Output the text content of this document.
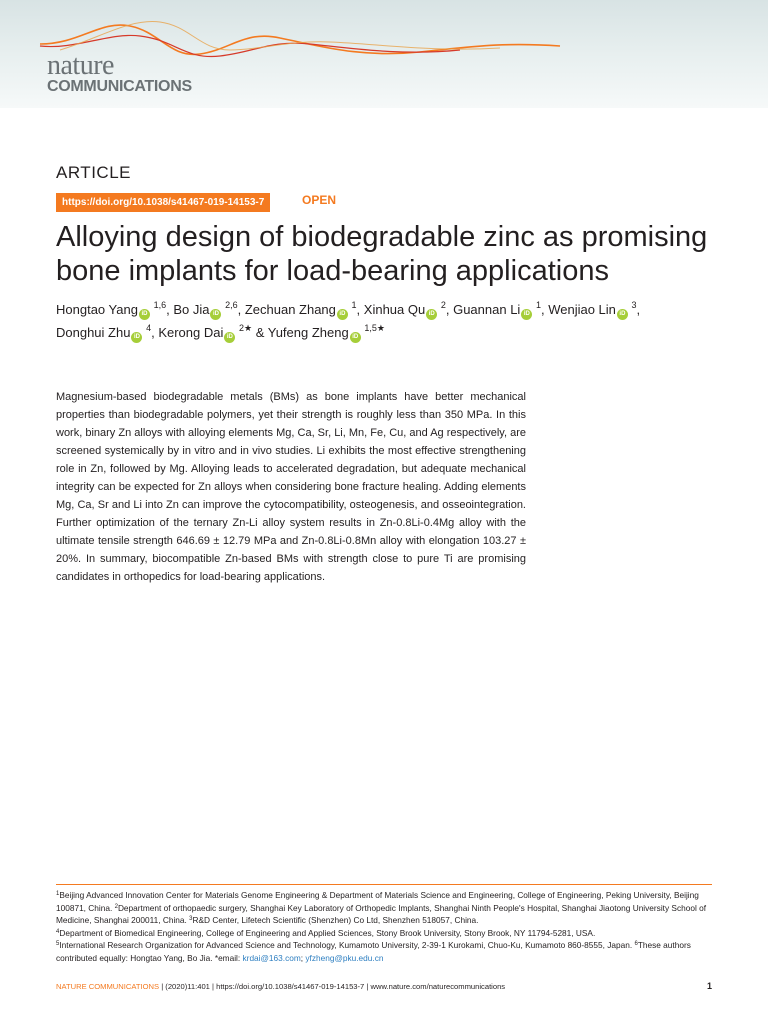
nature
COMMUNICATIONS
ARTICLE
https://doi.org/10.1038/s41467-019-14153-7	OPEN
Alloying design of biodegradable zinc as promising bone implants for load-bearing applications
Hongtao Yang iD $^{1,6}$, Bo Jia iD $^{2,6}$, Zechuan Zhang iD $^1$, Xinhua Qu iD $^2$, Guannan Li iD $^1$, Wenjiao Lin iD $^3$,
Donghui Zhu iD $^4$, Kerong Dai iD $^{2★}$ & Yufeng Zheng iD $^{1,5★}$

Magnesium-based biodegradable metals (BMs) as bone implants have better mechanical properties than biodegradable polymers, yet their strength is roughly less than 350 MPa. In this work, binary Zn alloys with alloying elements Mg, Ca, Sr, Li, Mn, Fe, Cu, and Ag respectively, are screened systemically by in vitro and in vivo studies. Li exhibits the most effective strengthening role in Zn, followed by Mg. Alloying leads to accelerated degradation, but adequate mechanical integrity can be expected for Zn alloys when considering bone fracture healing. Adding elements Mg, Ca, Sr and Li into Zn can improve the cytocompatibility, osteogenesis, and osseointegration. Further optimization of the ternary Zn-Li alloy system results in Zn-0.8Li-0.4Mg alloy with the ultimate tensile strength 646.69 ± 12.79 MPa and Zn-0.8Li-0.8Mn alloy with elongation 103.27 ± 20%. In summary, biocompatible Zn-based BMs with strength close to pure Ti are promising candidates in orthopedics for load-bearing applications.

$^1$Beijing Advanced Innovation Center for Materials Genome Engineering & Department of Materials Science and Engineering, College of Engineering, Peking University, Beijing 100871, China. $^2$Department of orthopaedic surgery, Shanghai Key Laboratory of Orthopedic Implants, Shanghai Ninth People's Hospital, Shanghai Jiaotong University School of Medicine, Shanghai 200011, China. $^3$R&D Center, Lifetech Scientific (Shenzhen) Co Ltd, Shenzhen 518057, China.
$^4$Department of Biomedical Engineering, College of Engineering and Applied Sciences, Stony Brook University, Stony Brook, NY 11794-5281, USA.
$^5$International Research Organization for Advanced Science and Technology, Kumamoto University, 2-39-1 Kurokami, Chuo-Ku, Kumamoto 860-8555, Japan. $^6$These authors contributed equally: Hongtao Yang, Bo Jia. *email: krdai@163.com; yfzheng@pku.edu.cn
NATURE COMMUNICATIONS | (2020)11:401 | https://doi.org/10.1038/s41467-019-14153-7 | www.nature.com/naturecommunications	1
